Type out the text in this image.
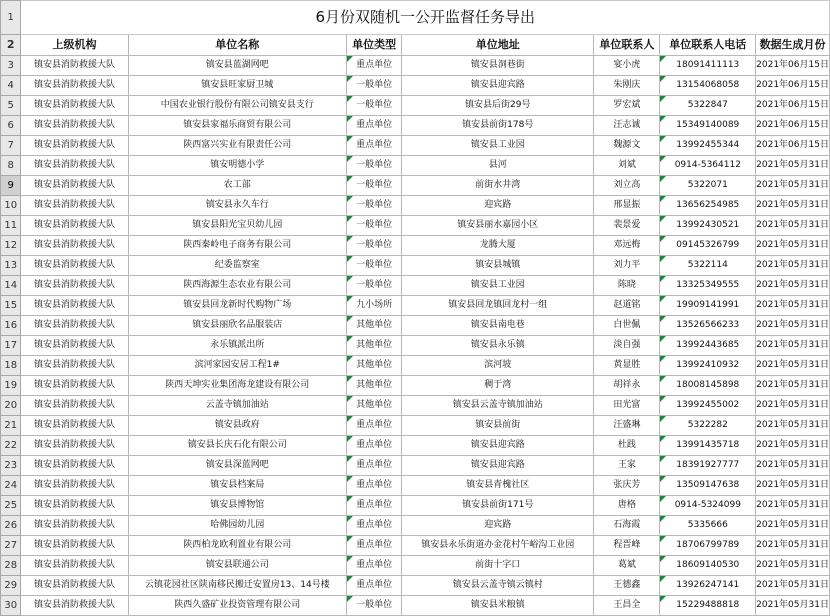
1	6月份双随机一公开监督任务导出						
2	上级机构	单位名称	单位类型	单位地址	单位联系人	单位联系人电话	数据生成月份
3	镇安县消防救援大队	镇安县蓝湖网吧	重点单位	镇安县洞巷街	宴小虎	18091411113	2021年06月15日
4	镇安县消防救援大队	镇安县旺家厨卫城	一般单位	镇安县迎宾路	朱刚庆	13154068058	2021年06月15日
5	镇安县消防救援大队	中国农业银行股份有限公司镇安县支行	一般单位	镇安县后街29号	罗宏斌	5322847	2021年06月15日
6	镇安县消防救援大队	镇安县家福乐商贸有限公司	重点单位	镇安县前街178号	汪志诚	15349140089	2021年06月15日
7	镇安县消防救援大队	陕西富兴实业有限责任公司	重点单位	镇安县工业园	魏源文	13992455344	2021年06月15日
8	镇安县消防救援大队	镇安明德小学	一般单位	县河	刘斌	0914-5364112	2021年05月31日
9	镇安县消防救援大队	农工部	一般单位	前街水井湾	刘立高	5322071	2021年05月31日
10	镇安县消防救援大队	镇安县永久车行	一般单位	迎宾路	邢显振	13656254985	2021年05月31日
11	镇安县消防救援大队	镇安县阳光宝贝幼儿园	一般单位	镇安县丽水嘉园小区	裴景爱	13992430521	2021年05月31日
12	镇安县消防救援大队	陕西秦岭电子商务有限公司	一般单位	龙腾大厦	邓远梅	09145326799	2021年05月31日
13	镇安县消防救援大队	纪委监察室	一般单位	镇安县城镇	刘力平	5322114	2021年05月31日
14	镇安县消防救援大队	陕西海源生态农业有限公司	一般单位	镇安县工业园	陈晓	13325349555	2021年05月31日
15	镇安县消防救援大队	镇安县回龙新时代购物广场	九小场所	镇安县回龙镇回龙村一组	赵道铭	19909141991	2021年05月31日
16	镇安县消防救援大队	镇安县丽欣名品服装店	其他单位	镇安县南电巷	白世佩	13526566233	2021年05月31日
17	镇安县消防救援大队	永乐镇派出所	其他单位	镇安县永乐镇	淡自强	13992443685	2021年05月31日
18	镇安县消防救援大队	滨河家园安居工程1#	其他单位	滨河坡	黄显胜	13992410932	2021年05月31日
19	镇安县消防救援大队	陕西天坤实业集团海龙建设有限公司	其他单位	稠于湾	胡祥永	18008145898	2021年05月31日
20	镇安县消防救援大队	云盖寺镇加油站	其他单位	镇安县云盖寺镇加油站	田光富	13992455002	2021年05月31日
21	镇安县消防救援大队	镇安县政府	重点单位	镇安县前街	汪盛琳	5322282	2021年05月31日
22	镇安县消防救援大队	镇安县长庆石化有限公司	重点单位	镇安县迎宾路	杜践	13991435718	2021年05月31日
23	镇安县消防救援大队	镇安县深蓝网吧	重点单位	镇安县迎宾路	王家	18391927777	2021年05月31日
24	镇安县消防救援大队	镇安县档案局	重点单位	镇安县青槐社区	张庆芳	13509147638	2021年05月31日
25	镇安县消防救援大队	镇安县博物馆	重点单位	镇安县前街171号	唐格	0914-5324099	2021年05月31日
26	镇安县消防救援大队	哈佛园幼儿园	重点单位	迎宾路	石海霞	5335666	2021年05月31日
27	镇安县消防救援大队	陕西柏龙欧利置业有限公司	重点单位	镇安县永乐街道办金花村午峪沟工业园	程晋峰	18706799789	2021年05月31日
28	镇安县消防救援大队	镇安县联通公司	重点单位	前街十字口	葛斌	18609140530	2021年05月31日
29	镇安县消防救援大队	云镇花园社区陕南移民搬迁安置房13、14号楼	重点单位	镇安县云盖寺镇云镇村	王德鑫	13926247141	2021年05月31日
30	镇安县消防救援大队	陕西久盛矿业投资管理有限公司	一般单位	镇安县米粮镇	王昌全	15229488818	2021年05月31日
